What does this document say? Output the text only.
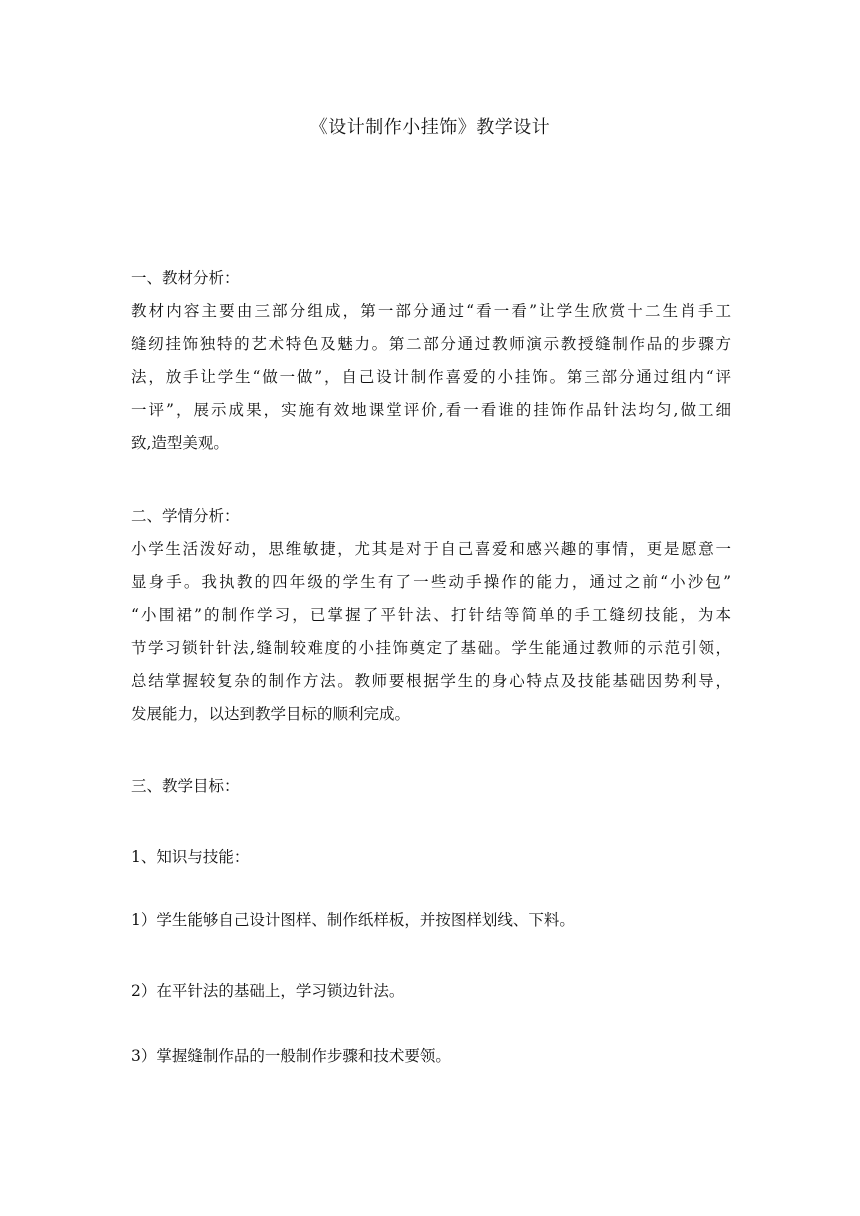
《设计制作小挂饰》教学设计
一、教材分析：
教材内容主要由三部分组成，第一部分通过“看一看”让学生欣赏十二生肖手工
缝纫挂饰独特的艺术特色及魅力。第二部分通过教师演示教授缝制作品的步骤方
法，放手让学生“做一做”，自己设计制作喜爱的小挂饰。第三部分通过组内“评
一评”，展示成果，实施有效地课堂评价,看一看谁的挂饰作品针法均匀,做工细
致,造型美观。
二、学情分析：
小学生活泼好动，思维敏捷，尤其是对于自己喜爱和感兴趣的事情，更是愿意一
显身手。我执教的四年级的学生有了一些动手操作的能力，通过之前“小沙包”
“小围裙”的制作学习，已掌握了平针法、打针结等简单的手工缝纫技能，为本
节学习锁针针法,缝制较难度的小挂饰奠定了基础。学生能通过教师的示范引领，
总结掌握较复杂的制作方法。教师要根据学生的身心特点及技能基础因势利导，
发展能力，以达到教学目标的顺利完成。
三、教学目标：
1、知识与技能：
1）学生能够自己设计图样、制作纸样板，并按图样划线、下料。
2）在平针法的基础上，学习锁边针法。
3）掌握缝制作品的一般制作步骤和技术要领。
